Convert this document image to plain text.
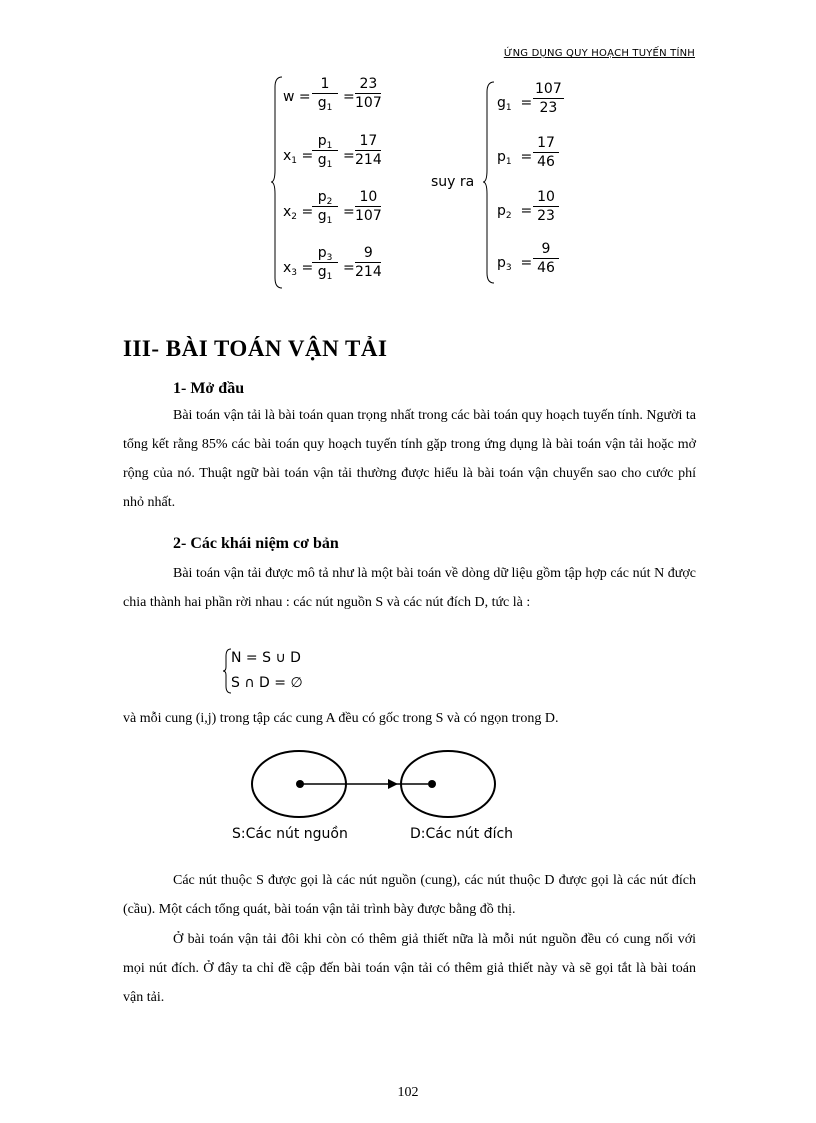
ỨNG DỤNG QUY HOẠCH TUYẾN TÍNH
$w = \frac{1}{g_1} = \frac{23}{107}$
$x_1$ =
$\frac{p_1}{g_1} = \frac{17}{214}$
$x_2$ =
$\frac{p_2}{g_1} = \frac{10}{107}$
$x_3$ =
$\frac{p_3}{g_1} = \frac{9}{214}$
suy ra
$g_1 = \frac{107}{23}$
$p_1 = \frac{17}{46}$
$p_2 = \frac{10}{23}$
$p_3 = \frac{9}{46}$
III- BÀI TOÁN VẬN TẢI
1- Mở đầu

Bài toán vận tải là bài toán quan trọng nhất trong các bài toán quy hoạch tuyến tính. Người ta tổng kết rằng 85% các bài toán quy hoạch tuyến tính gặp trong ứng dụng là bài toán vận tải hoặc mở rộng của nó. Thuật ngữ bài toán vận tải thường được hiểu là bài toán vận chuyển sao cho cước phí nhỏ nhất.

2- Các khái niệm cơ bản

Bài toán vận tải được mô tả như là một bài toán về dòng dữ liệu gồm tập hợp các nút N được chia thành hai phần rời nhau : các nút nguồn S và các nút đích D, tức là :

N = S ∪ D
S ∩ D = ∅

và mỗi cung (i,j) trong tập các cung A đều có gốc trong S và có ngọn trong D.

S:Các nút nguồn	D:Các nút đích

Các nút thuộc S được gọi là các nút nguồn (cung), các nút thuộc D được gọi là các nút đích (cầu). Một cách tổng quát, bài toán vận tải trình bày được bằng đồ thị.

Ở bài toán vận tải đôi khi còn có thêm giả thiết nữa là mỗi nút nguồn đều có cung nối với mọi nút đích. Ở đây ta chỉ đề cập đến bài toán vận tải có thêm giả thiết này và sẽ gọi tắt là bài toán vận tải.

102
